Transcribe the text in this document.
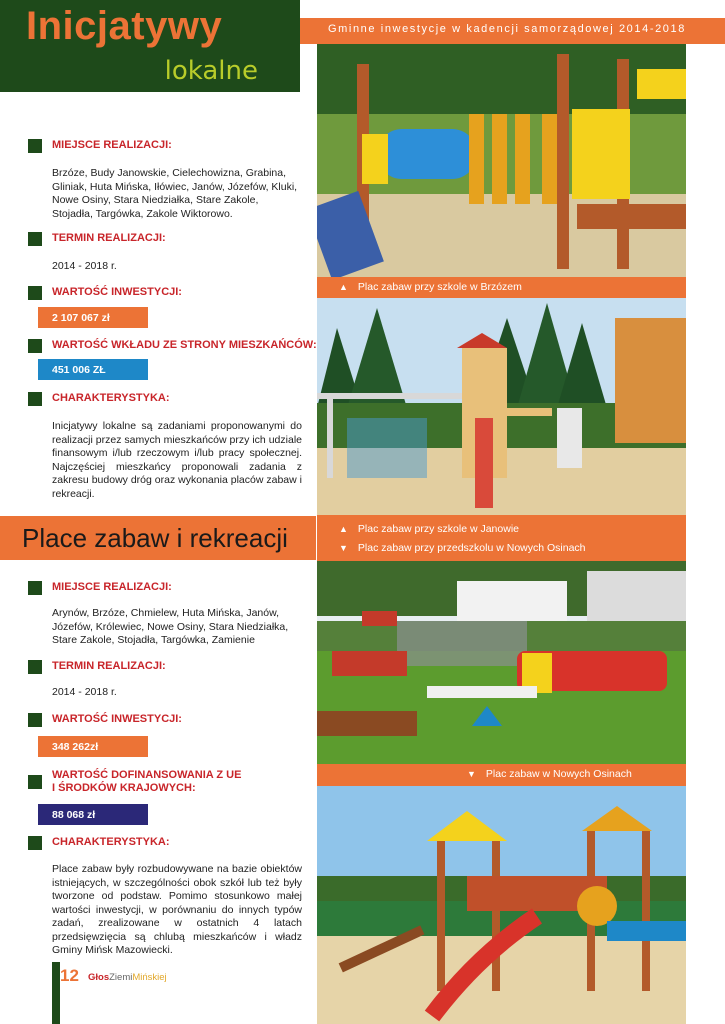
Inicjatywy
lokalne
Gminne inwestycje w kadencji samorządowej 2014-2018
MIEJSCE REALIZACJI:
Brzóze, Budy Janowskie, Cielechowizna, Grabina, Gliniak, Huta Mińska, Iłówiec, Janów, Józefów, Kluki, Nowe Osiny, Stara Niedziałka, Stare Zakole, Stojadła, Targówka, Zakole Wiktorowo.
TERMIN REALIZACJI:
2014 - 2018 r.
WARTOŚĆ INWESTYCJI:
2 107 067 zł
WARTOŚĆ WKŁADU ZE STRONY MIESZKAŃCÓW:
451 006 ZŁ
CHARAKTERYSTYKA:
Inicjatywy lokalne są zadaniami proponowanymi do realizacji przez samych mieszkańców przy ich udziale finansowym i/lub rzeczowym i/lub pracy społecznej. Najczęściej mieszkańcy proponowali zadania z zakresu budowy dróg oraz wykonania placów zabaw i rekreacji.
Place zabaw i rekreacji
MIEJSCE REALIZACJI:
Arynów, Brzóze, Chmielew, Huta Mińska, Janów, Józefów, Królewiec, Nowe Osiny, Stara Niedziałka, Stare Zakole, Stojadła, Targówka, Zamienie
TERMIN REALIZACJI:
2014 - 2018 r.
WARTOŚĆ INWESTYCJI:
348 262zł
WARTOŚĆ DOFINANSOWANIA Z UE
I ŚRODKÓW KRAJOWYCH:
88 068 zł
CHARAKTERYSTYKA:
Place zabaw były rozbudowywane na bazie obiektów istniejących, w szczególności obok szkół lub też były tworzone od podstaw. Pomimo stosunkowo małej wartości inwestycji, w porównaniu do innych typów zadań, zrealizowane w ostatnich 4 latach przedsięwzięcia są chlubą mieszkańców i władz Gminy Mińsk Mazowiecki.
▲ Plac zabaw przy szkole w Brzózem
▲ Plac zabaw przy szkole w Janowie
▼ Plac zabaw przy przedszkolu w Nowych Osinach
▼ Plac zabaw w Nowych Osinach
12 GłosZiemiMińskiej
